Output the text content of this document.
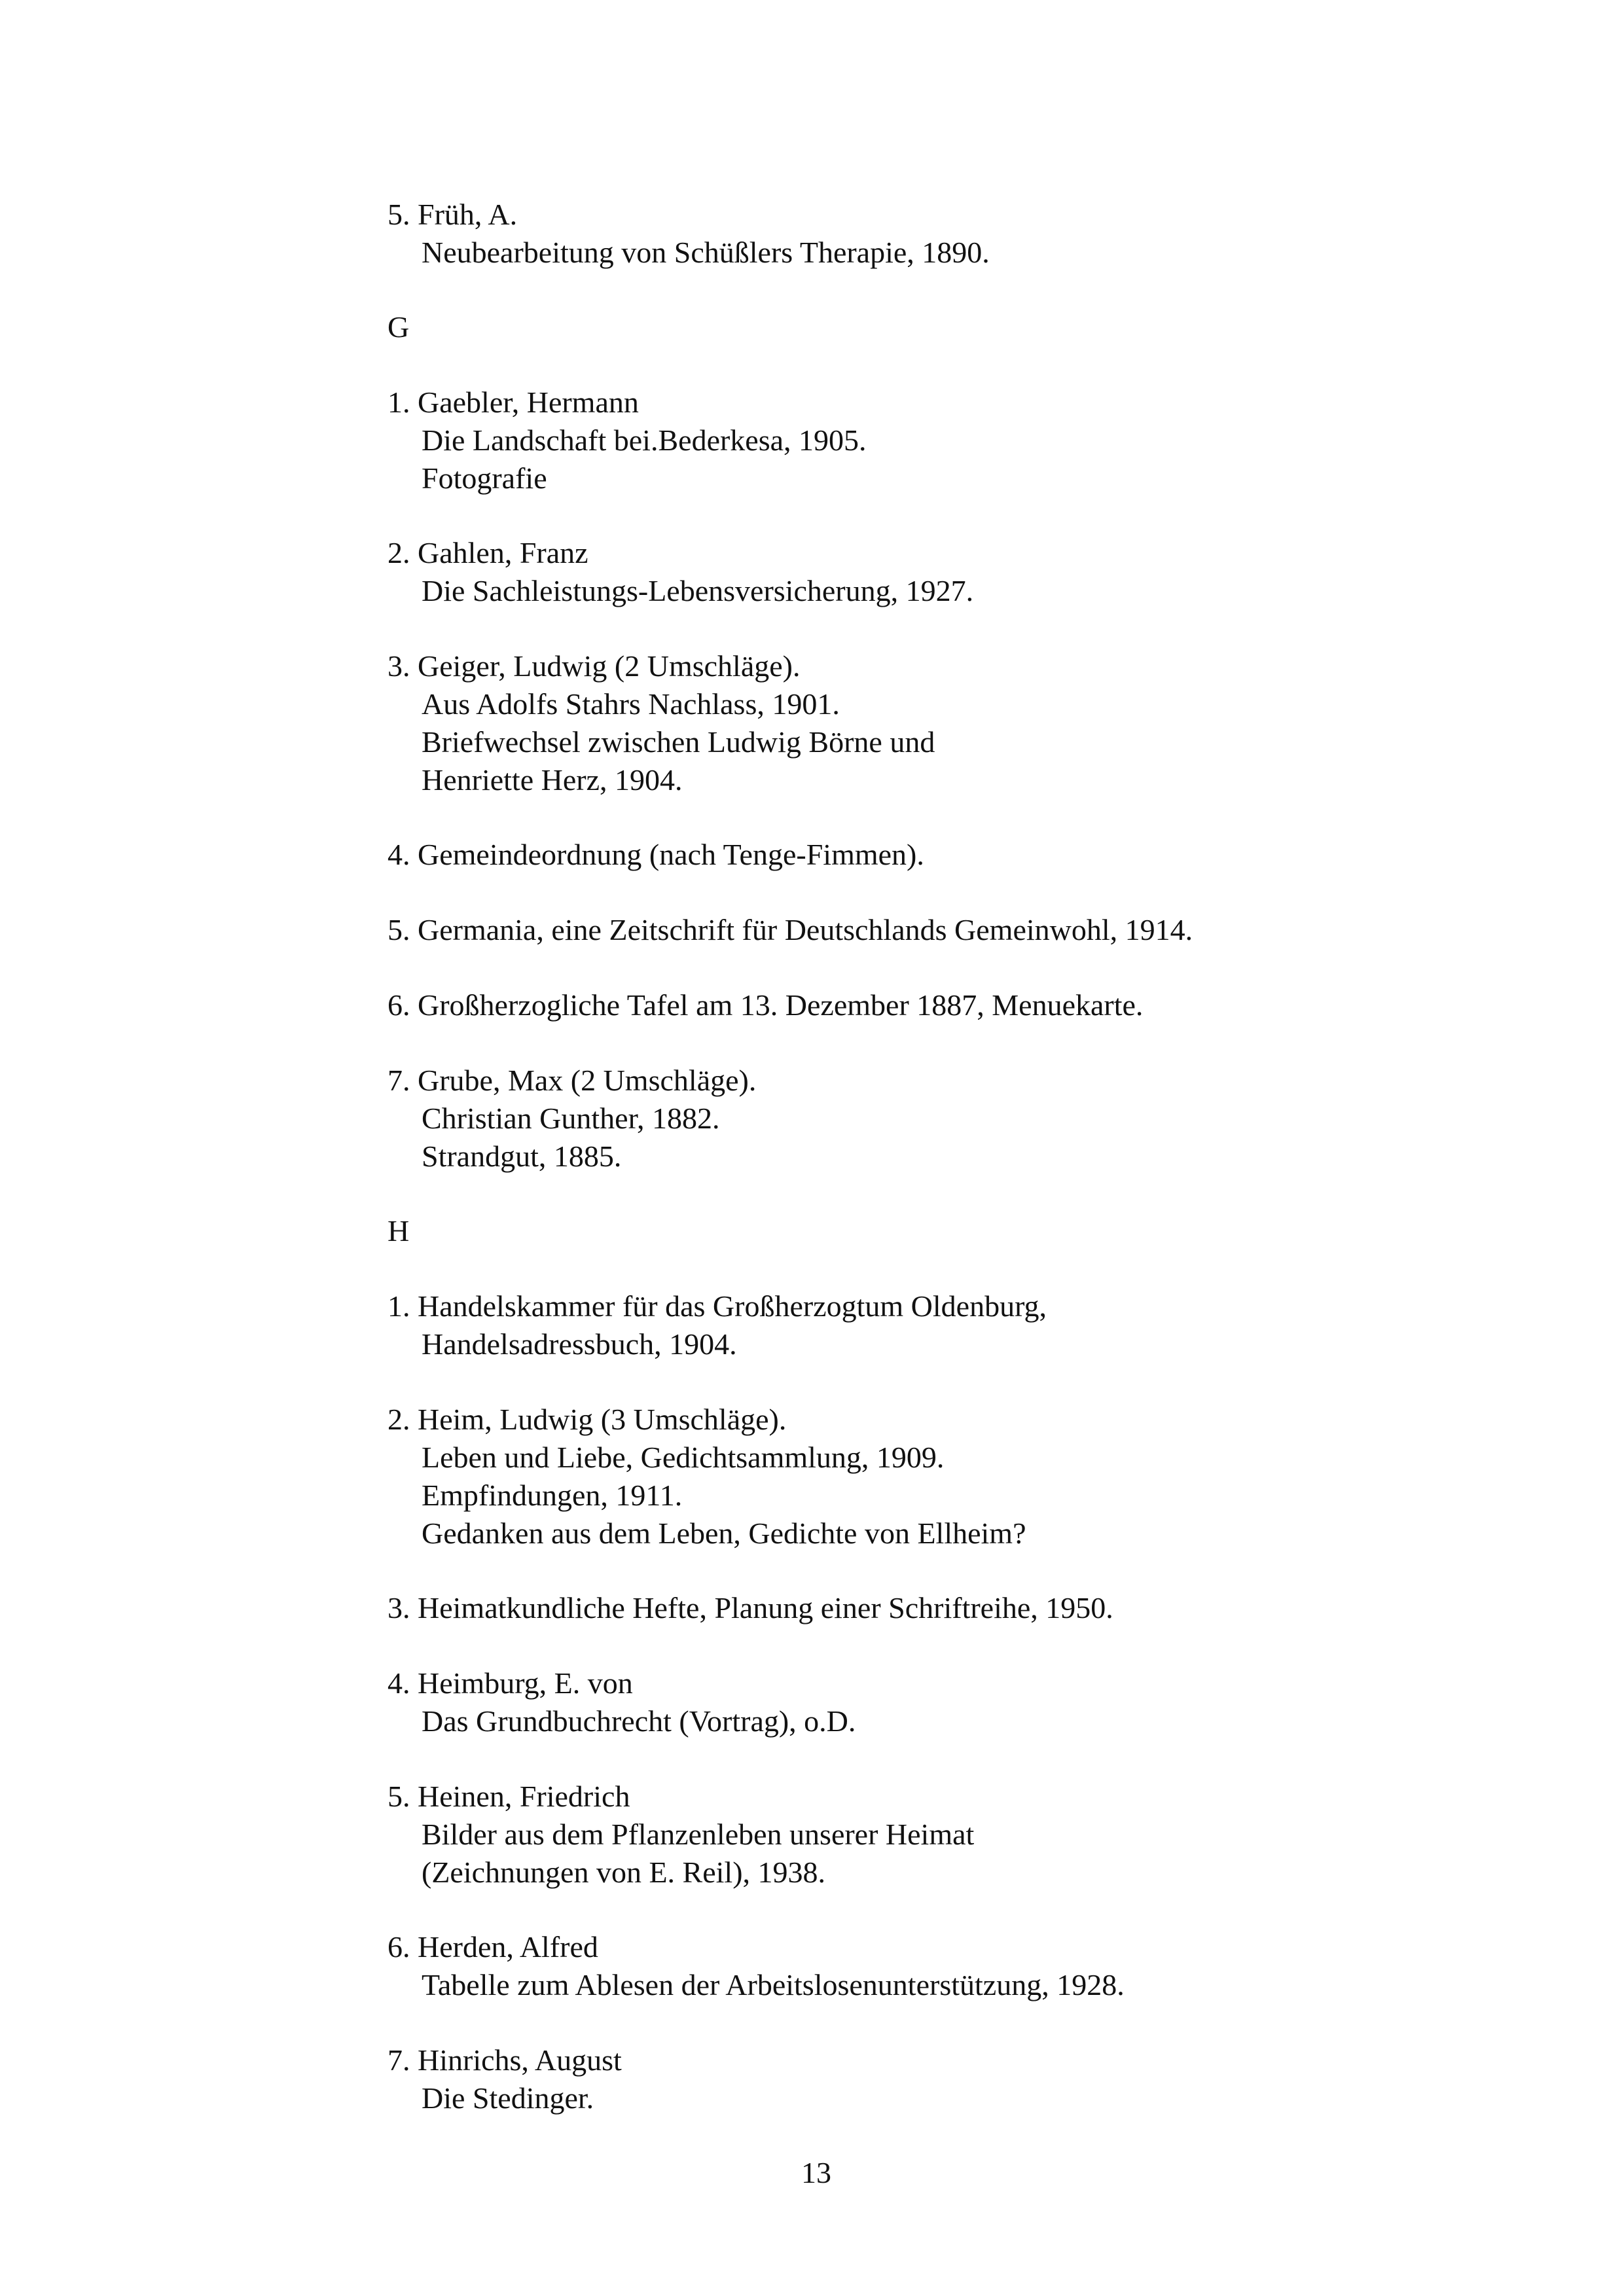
5. Früh, A.
Neubearbeitung von Schüßlers Therapie, 1890.
G
1. Gaebler, Hermann
Die Landschaft bei.Bederkesa, 1905.
Fotografie
2. Gahlen, Franz
Die Sachleistungs-Lebensversicherung, 1927.
3. Geiger, Ludwig (2 Umschläge).
Aus Adolfs Stahrs Nachlass, 1901.
Briefwechsel zwischen Ludwig Börne und
Henriette Herz, 1904.
4. Gemeindeordnung (nach Tenge-Fimmen).
5. Germania, eine Zeitschrift für Deutschlands Gemeinwohl, 1914.
6. Großherzogliche Tafel am 13. Dezember 1887, Menuekarte.
7. Grube, Max (2 Umschläge).
Christian Gunther, 1882.
Strandgut, 1885.
H
1. Handelskammer für das Großherzogtum Oldenburg,
Handelsadressbuch, 1904.
2. Heim, Ludwig (3 Umschläge).
Leben und Liebe, Gedichtsammlung, 1909.
Empfindungen, 1911.
Gedanken aus dem Leben, Gedichte von Ellheim?
3. Heimatkundliche Hefte, Planung einer Schriftreihe, 1950.
4. Heimburg, E. von
Das Grundbuchrecht (Vortrag), o.D.
5. Heinen, Friedrich
Bilder aus dem Pflanzenleben unserer Heimat
(Zeichnungen von E. Reil), 1938.
6. Herden, Alfred
Tabelle zum Ablesen der Arbeitslosenunterstützung, 1928.
7. Hinrichs, August
Die Stedinger.
13
